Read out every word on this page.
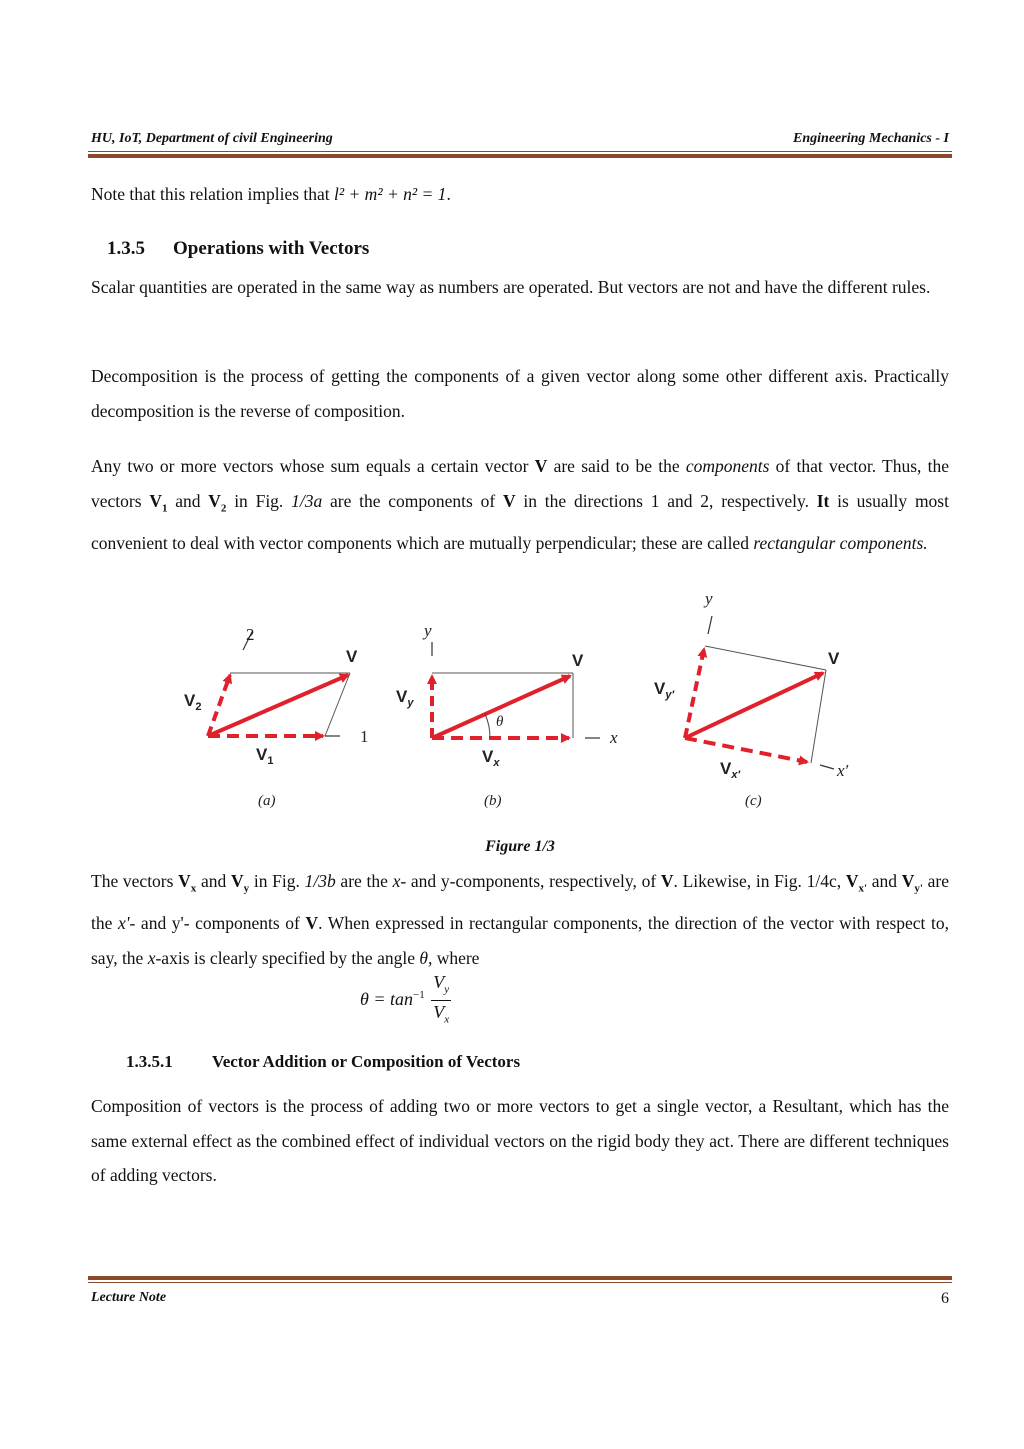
HU, IoT, Department of civil Engineering	Engineering Mechanics - I

Note that this relation implies that l² + m² + n² = 1.

1.3.5 Operations with Vectors

Scalar quantities are operated in the same way as numbers are operated. But vectors are not and have the different rules.

Decomposition is the process of getting the components of a given vector along some other different axis. Practically decomposition is the reverse of composition.

Any two or more vectors whose sum equals a certain vector V are said to be the components of that vector. Thus, the vectors $V_1$ and $V_2$ in Fig. 1/3a are the components of V in the directions 1 and 2, respectively. It is usually most convenient to deal with vector components which are mutually perpendicular; these are called rectangular components.

2
1
V
$V_2$
$V_1$
(a)
y
x
V
$V_y$
$V_x$
θ
(b)
y
x′
V
$V_{y'}$
$V_{x'}$
(c)
Figure 1/3

The vectors $V_x$ and $V_y$ in Fig. 1/3b are the x- and y-components, respectively, of V. Likewise, in Fig. 1/4c, $V_{x'}$ and $V_{y'}$ are the x'- and y'- components of V. When expressed in rectangular components, the direction of the vector with respect to, say, the x-axis is clearly specified by the angle θ, where

$\theta = \tan^{-1} \frac{V_y}{V_x}$
1.3.5.1 Vector Addition or Composition of Vectors

Composition of vectors is the process of adding two or more vectors to get a single vector, a Resultant, which has the same external effect as the combined effect of individual vectors on the rigid body they act. There are different techniques of adding vectors.

Lecture Note	6
